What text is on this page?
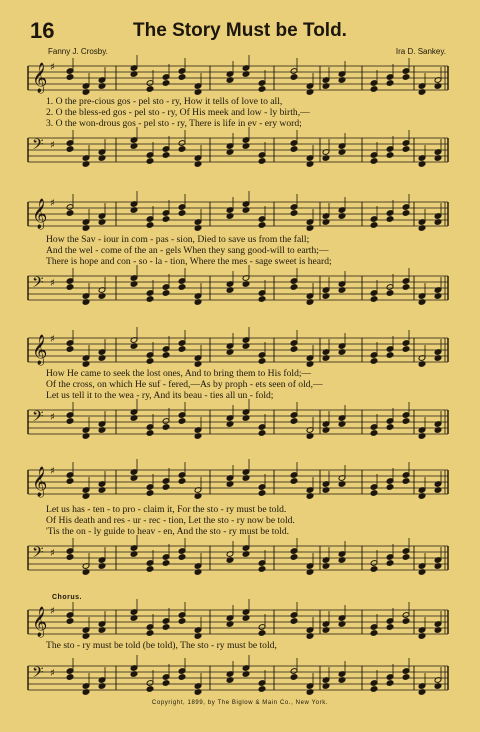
16	The Story Must be Told.
Fanny J. Crosby.	Ira D. Sankey.
𝄞 ♯
1. O the pre-cious gos - pel sto - ry, How it tells of love to all,
2. O the bless-ed gos - pel sto - ry, Of His meek and low - ly birth,—
3. O the won-drous gos - pel sto - ry, There is life in ev - ery word;
𝄢 ♯
𝄞 ♯
How the Sav - iour in com - pas - sion, Died to save us from the fall;
And the wel - come of the an - gels When they sang good-will to earth;—
There is hope and con - so - la - tion, Where the mes - sage sweet is heard;
𝄢 ♯
𝄞 ♯
How He came to seek the lost ones, And to bring them to His fold;—
Of the cross, on which He suf - fered,—As by proph - ets seen of old,—
Let us tell it to the wea - ry, And its beau - ties all un - fold;
𝄢 ♯
𝄞 ♯
Let us has - ten - to pro - claim it, For the sto - ry must be told.
Of His death and res - ur - rec - tion, Let the sto - ry now be told.
'Tis the on - ly guide to heav - en, And the sto - ry must be told.
𝄢 ♯
Chorus.
𝄞 ♯
The sto - ry must be told (be told), The sto - ry must be told,
𝄢 ♯
Copyright, 1899, by The Biglow & Main Co., New York.
